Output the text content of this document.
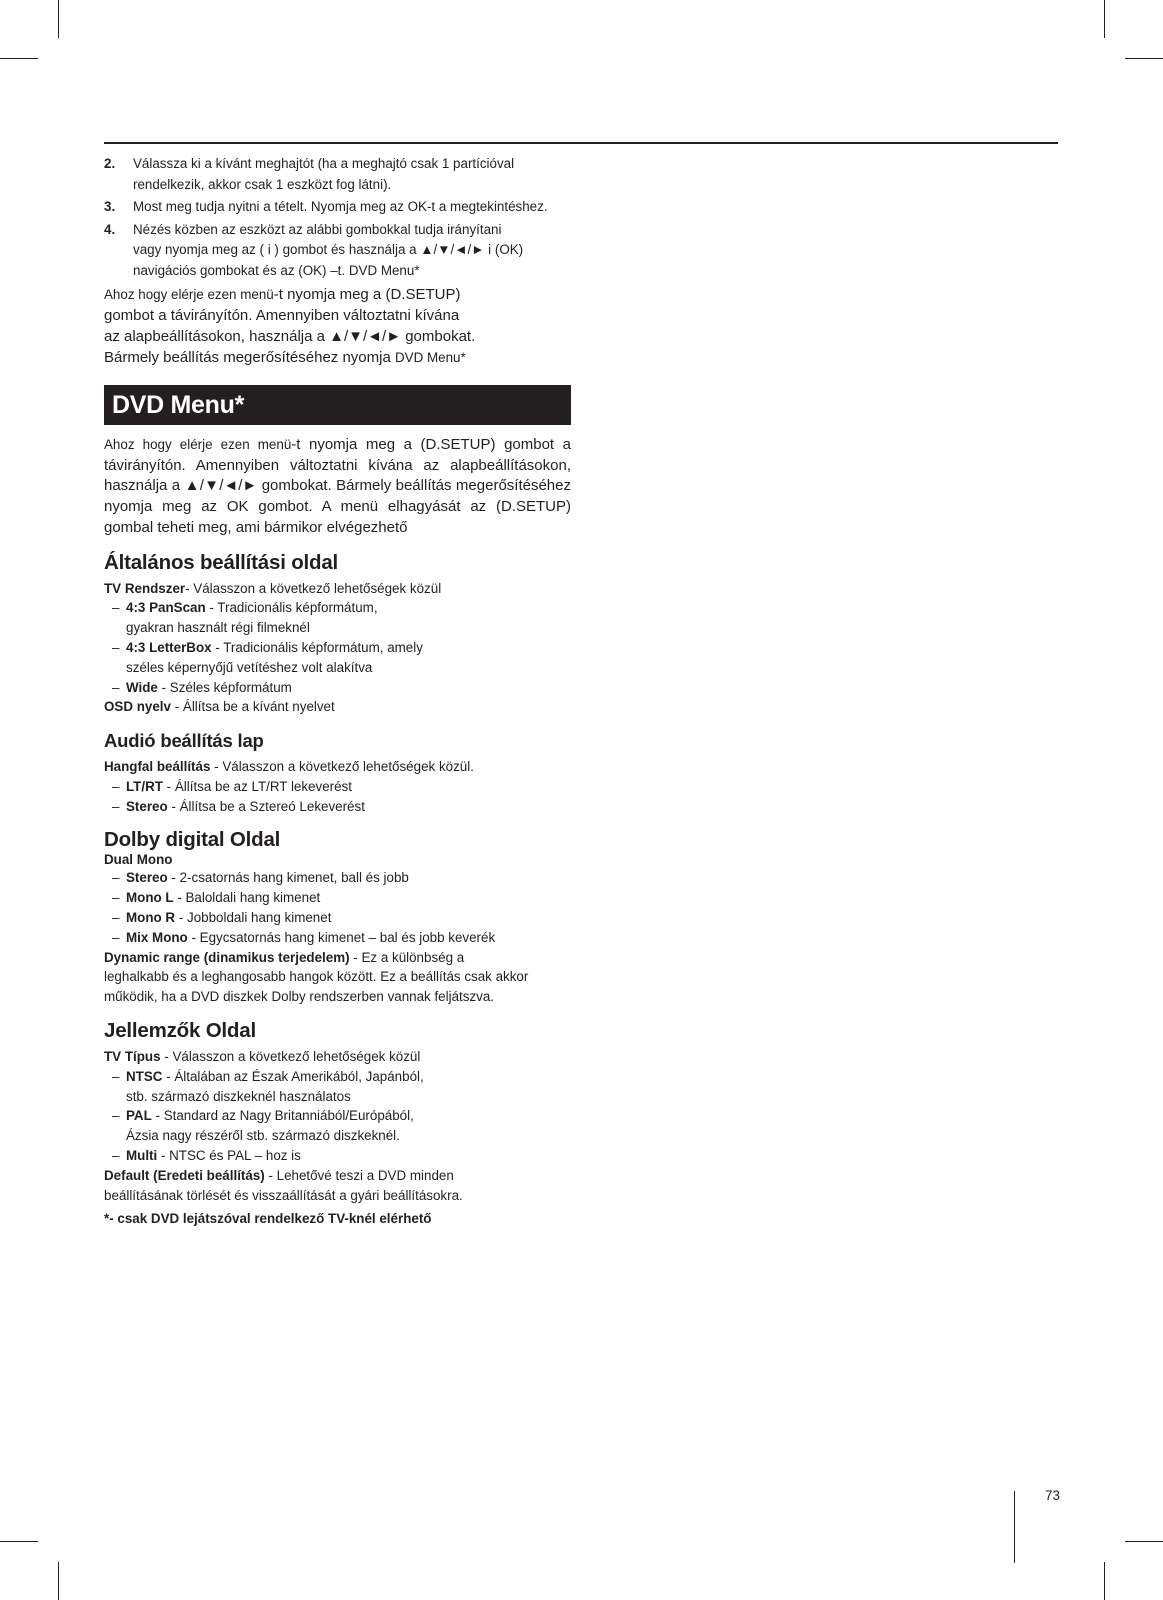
2. Válassza ki a kívánt meghajtót (ha a meghajtó csak 1 partícióval
rendelkezik, akkor csak 1 eszközt fog látni).
3. Most meg tudja nyitni a tételt. Nyomja meg az OK-t a megtekintéshez.
4. Nézés közben az eszközt az alábbi gombokkal tudja irányítani
vagy nyomja meg az ( i ) gombot és használja a ▲/▼/◄/► i (OK)
navigációs gombokat és az (OK) –t. DVD Menu*
Ahoz hogy elérje ezen menü-t nyomja meg a (D.SETUP)
gombot a távirányítón. Amennyiben változtatni kívána
az alapbeállításokon, használja a ▲/▼/◄/► gombokat.
Bármely beállítás megerősítéséhez nyomja DVD Menu*
DVD Menu*

Ahoz hogy elérje ezen menü-t nyomja meg a (D.SETUP) gombot a távirányítón. Amennyiben változtatni kívána az alapbeállításokon, használja a ▲/▼/◄/► gombokat. Bármely beállítás megerősítéséhez nyomja meg az OK gombot. A menü elhagyását az (D.SETUP) gombal teheti meg, ami bármikor elvégezhető

Általános beállítási oldal
TV Rendszer- Válasszon a következő lehetőségek közül
– 4:3 PanScan - Tradicionális képformátum,
gyakran használt régi filmeknél
– 4:3 LetterBox - Tradicionális képformátum, amely
széles képernyőjű vetítéshez volt alakítva
– Wide - Széles képformátum
OSD nyelv - Állítsa be a kívánt nyelvet
Audió beállítás lap
Hangfal beállítás - Válasszon a következő lehetőségek közül.
– LT/RT - Állítsa be az LT/RT lekeverést
– Stereo - Állítsa be a Sztereó Lekeverést
Dolby digital Oldal
Dual Mono
– Stereo - 2-csatornás hang kimenet, ball és jobb
– Mono L - Baloldali hang kimenet
– Mono R - Jobboldali hang kimenet
– Mix Mono - Egycsatornás hang kimenet – bal és jobb keverék
Dynamic range (dinamikus terjedelem) - Ez a különbség a
leghalkabb és a leghangosabb hangok között. Ez a beállítás csak akkor
működik, ha a DVD diszkek Dolby rendszerben vannak feljátszva.
Jellemzők Oldal
TV Típus - Válasszon a következő lehetőségek közül
– NTSC - Általában az Észak Amerikából, Japánból,
stb. származó diszkeknél használatos
– PAL - Standard az Nagy Britanniából/Európából,
Ázsia nagy részéről stb. származó diszkeknél.
– Multi - NTSC és PAL – hoz is
Default (Eredeti beállítás) - Lehetővé teszi a DVD minden
beállításának törlését és visszaállítását a gyári beállításokra.
*- csak DVD lejátszóval rendelkező TV-knél elérhető
73
